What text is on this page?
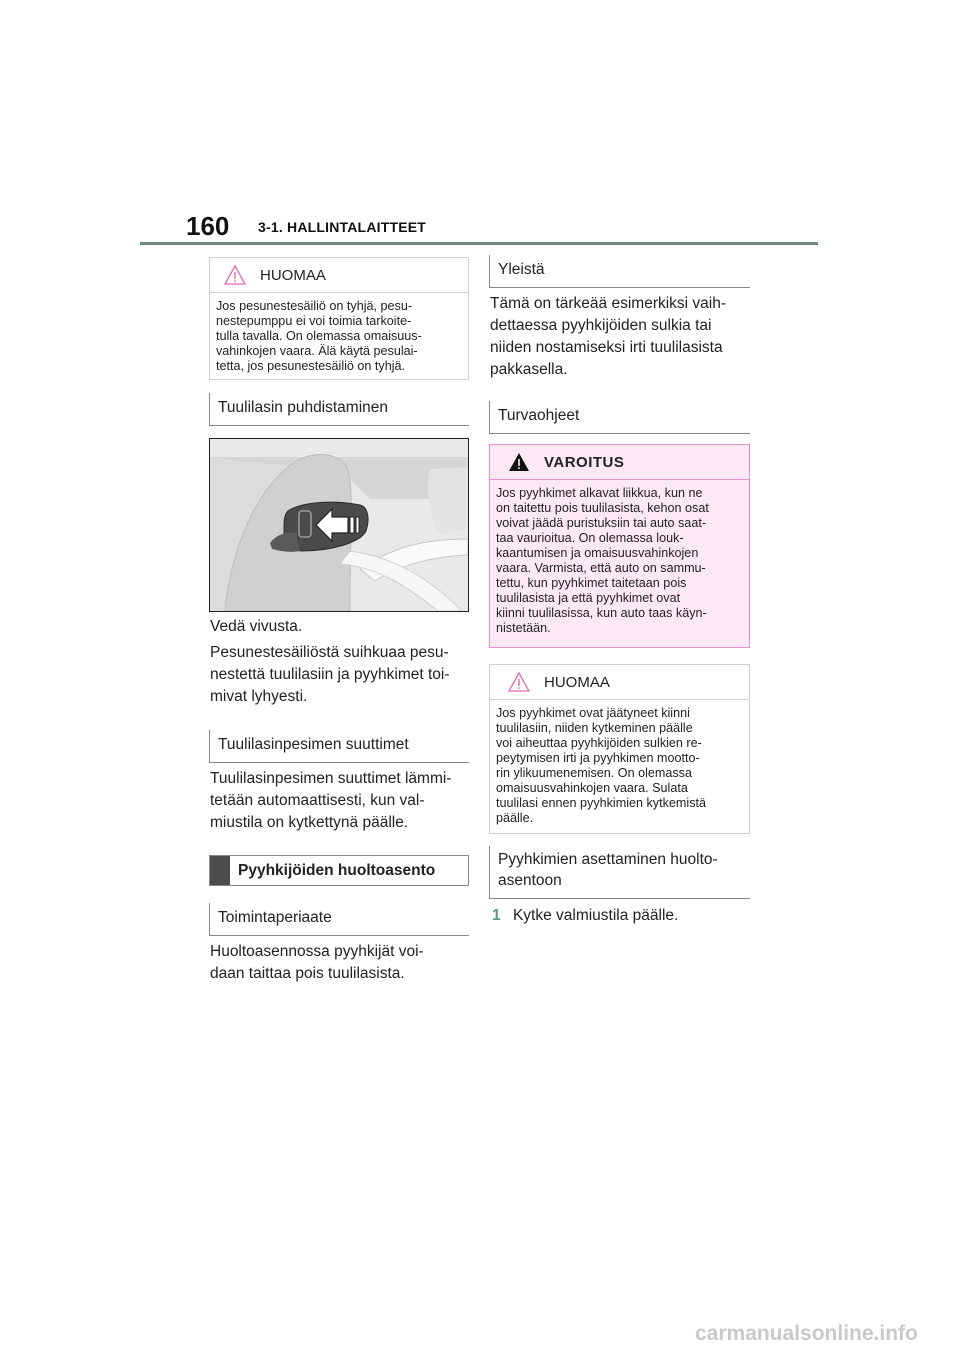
160 3-1. HALLINTALAITTEET
HUOMAA
Jos pesunestesäiliö on tyhjä, pesu-
nestepumppu ei voi toimia tarkoite-
tulla tavalla. On olemassa omaisuus-
vahinkojen vaara. Älä käytä pesulai-
tetta, jos pesunestesäiliö on tyhjä.
Tuulilasin puhdistaminen
Vedä vivusta.
Pesunestesäiliöstä suihkuaa pesu-
nestettä tuulilasiin ja pyyhkimet toi-
mivat lyhyesti.
Tuulilasinpesimen suuttimet
Tuulilasinpesimen suuttimet lämmi-
tetään automaattisesti, kun val-
miustila on kytkettynä päälle.
Pyyhkijöiden huoltoasento
Toimintaperiaate
Huoltoasennossa pyyhkijät voi-
daan taittaa pois tuulilasista.
Yleistä
Tämä on tärkeää esimerkiksi vaih-
dettaessa pyyhkijöiden sulkia tai
niiden nostamiseksi irti tuulilasista
pakkasella.
Turvaohjeet
VAROITUS
Jos pyyhkimet alkavat liikkua, kun ne
on taitettu pois tuulilasista, kehon osat
voivat jäädä puristuksiin tai auto saat-
taa vaurioitua. On olemassa louk-
kaantumisen ja omaisuusvahinkojen
vaara. Varmista, että auto on sammu-
tettu, kun pyyhkimet taitetaan pois
tuulilasista ja että pyyhkimet ovat
kiinni tuulilasissa, kun auto taas käyn-
nistetään.
HUOMAA
Jos pyyhkimet ovat jäätyneet kiinni
tuulilasiin, niiden kytkeminen päälle
voi aiheuttaa pyyhkijöiden sulkien re-
peytymisen irti ja pyyhkimen mootto-
rin ylikuumenemisen. On olemassa
omaisuusvahinkojen vaara. Sulata
tuulilasi ennen pyyhkimien kytkemistä
päälle.
Pyyhkimien asettaminen huolto-
asentoon
1 Kytke valmiustila päälle.
carmanualsonline.info
